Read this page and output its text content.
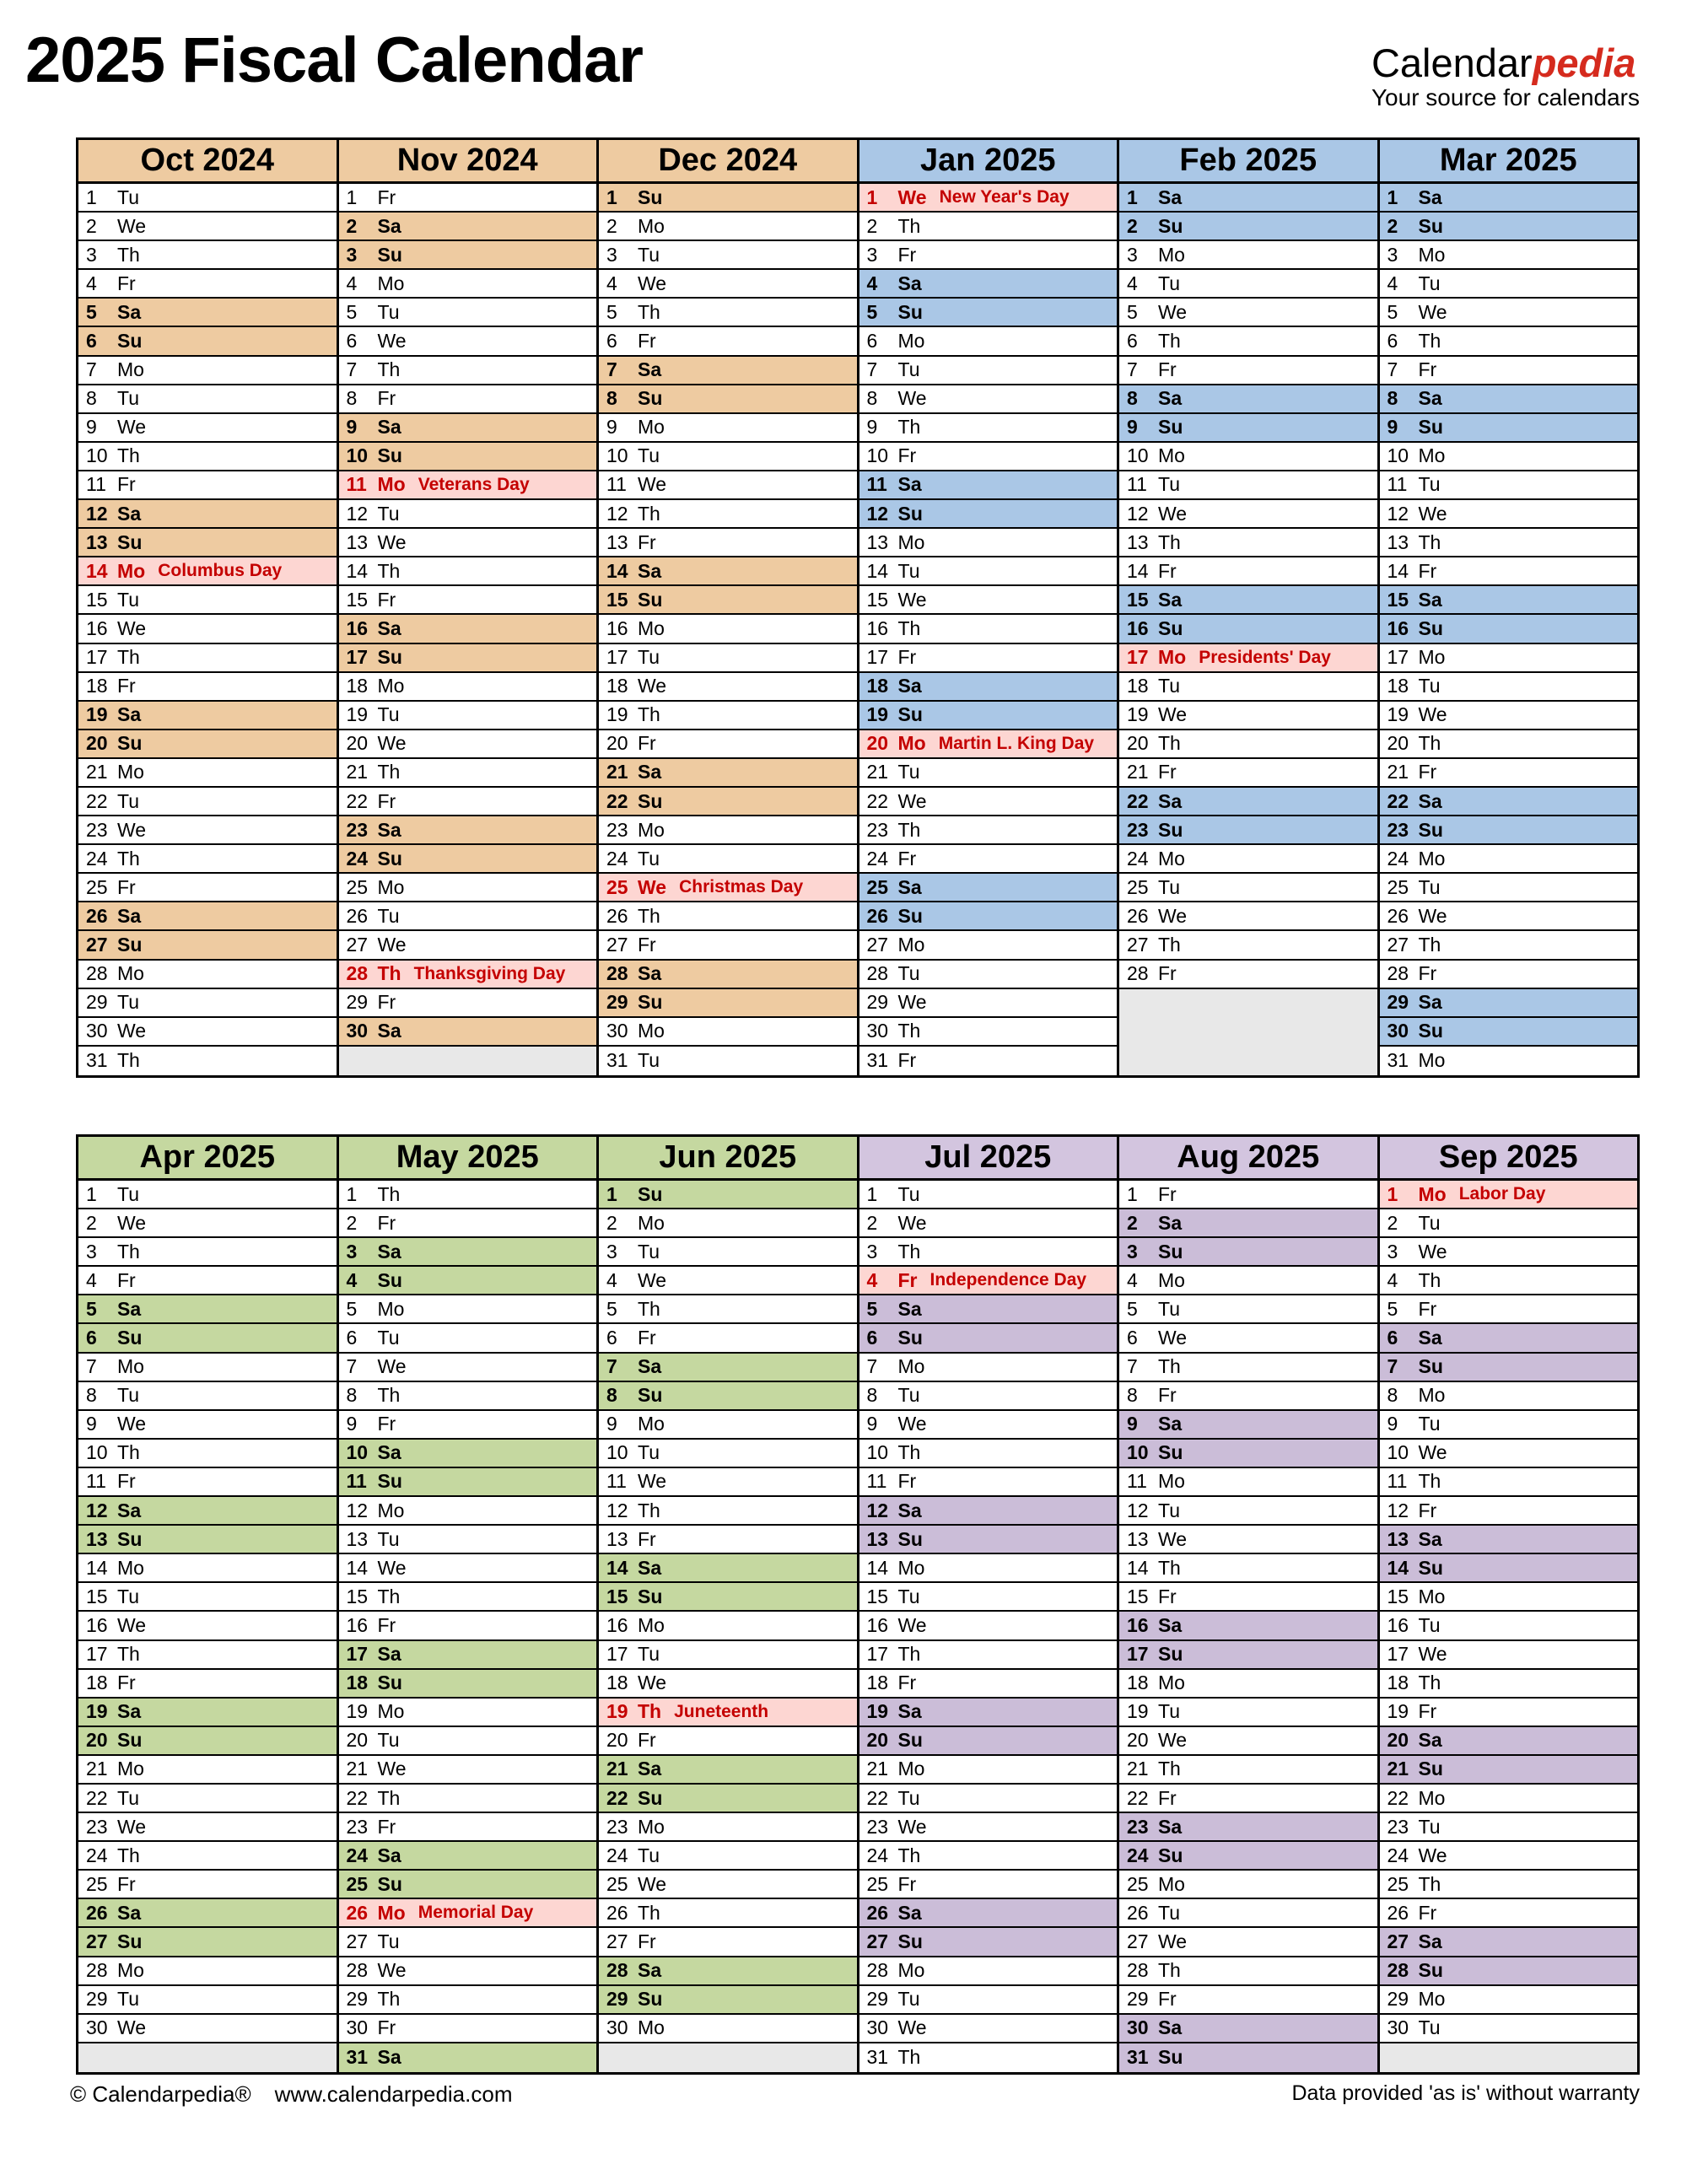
2025 Fiscal Calendar	Calendarpedia
Your source for calendars
Oct 2024
1	Tu
2	We
3	Th
4	Fr
5	Sa
6	Su
7	Mo
8	Tu
9	We
10 Th
11 Fr
12 Sa
13 Su
14 Mo Columbus Day
15 Tu
16 We
17 Th
18 Fr
19 Sa
20 Su
21 Mo
22 Tu
23 We
24 Th
25 Fr
26 Sa
27 Su
28 Mo
29 Tu
30 We
31 Th
Nov 2024
1	Fr
2	Sa
3	Su
4	Mo
5	Tu
6	We
7	Th
8	Fr
9	Sa
10 Su
11 Mo Veterans Day
12 Tu
13 We
14 Th
15 Fr
16 Sa
17 Su
18 Mo
19 Tu
20 We
21 Th
22 Fr
23 Sa
24 Su
25 Mo
26 Tu
27 We
28 Th Thanksgiving Day
29 Fr
30 Sa
Dec 2024
1	Su
2	Mo
3	Tu
4	We
5	Th
6	Fr
7	Sa
8	Su
9	Mo
10 Tu
11 We
12 Th
13 Fr
14 Sa
15 Su
16 Mo
17 Tu
18 We
19 Th
20 Fr
21 Sa
22 Su
23 Mo
24 Tu
25 We Christmas Day
26 Th
27 Fr
28 Sa
29 Su
30 Mo
31 Tu
Jan 2025
1	We New Year's Day
2	Th
3	Fr
4	Sa
5	Su
6	Mo
7	Tu
8	We
9	Th
10 Fr
11 Sa
12 Su
13 Mo
14 Tu
15 We
16 Th
17 Fr
18 Sa
19 Su
20 Mo Martin L. King Day
21 Tu
22 We
23 Th
24 Fr
25 Sa
26 Su
27 Mo
28 Tu
29 We
30 Th
31 Fr
Feb 2025
1	Sa
2	Su
3	Mo
4	Tu
5	We
6	Th
7	Fr
8	Sa
9	Su
10 Mo
11 Tu
12 We
13 Th
14 Fr
15 Sa
16 Su
17 Mo Presidents' Day
18 Tu
19 We
20 Th
21 Fr
22 Sa
23 Su
24 Mo
25 Tu
26 We
27 Th
28 Fr
Mar 2025
1	Sa
2	Su
3	Mo
4	Tu
5	We
6	Th
7	Fr
8	Sa
9	Su
10 Mo
11 Tu
12 We
13 Th
14 Fr
15 Sa
16 Su
17 Mo
18 Tu
19 We
20 Th
21 Fr
22 Sa
23 Su
24 Mo
25 Tu
26 We
27 Th
28 Fr
29 Sa
30 Su
31 Mo
Apr 2025
1	Tu
2	We
3	Th
4	Fr
5	Sa
6	Su
7	Mo
8	Tu
9	We
10 Th
11 Fr
12 Sa
13 Su
14 Mo
15 Tu
16 We
17 Th
18 Fr
19 Sa
20 Su
21 Mo
22 Tu
23 We
24 Th
25 Fr
26 Sa
27 Su
28 Mo
29 Tu
30 We
May 2025
1	Th
2	Fr
3	Sa
4	Su
5	Mo
6	Tu
7	We
8	Th
9	Fr
10 Sa
11 Su
12 Mo
13 Tu
14 We
15 Th
16 Fr
17 Sa
18 Su
19 Mo
20 Tu
21 We
22 Th
23 Fr
24 Sa
25 Su
26 Mo Memorial Day
27 Tu
28 We
29 Th
30 Fr
31 Sa
Jun 2025
1	Su
2	Mo
3	Tu
4	We
5	Th
6	Fr
7	Sa
8	Su
9	Mo
10 Tu
11 We
12 Th
13 Fr
14 Sa
15 Su
16 Mo
17 Tu
18 We
19 Th Juneteenth
20 Fr
21 Sa
22 Su
23 Mo
24 Tu
25 We
26 Th
27 Fr
28 Sa
29 Su
30 Mo
Jul 2025
1	Tu
2	We
3	Th
4	Fr Independence Day
5	Sa
6	Su
7	Mo
8	Tu
9	We
10 Th
11 Fr
12 Sa
13 Su
14 Mo
15 Tu
16 We
17 Th
18 Fr
19 Sa
20 Su
21 Mo
22 Tu
23 We
24 Th
25 Fr
26 Sa
27 Su
28 Mo
29 Tu
30 We
31 Th
Aug 2025
1	Fr
2	Sa
3	Su
4	Mo
5	Tu
6	We
7	Th
8	Fr
9	Sa
10 Su
11 Mo
12 Tu
13 We
14 Th
15 Fr
16 Sa
17 Su
18 Mo
19 Tu
20 We
21 Th
22 Fr
23 Sa
24 Su
25 Mo
26 Tu
27 We
28 Th
29 Fr
30 Sa
31 Su
Sep 2025
1	Mo Labor Day
2	Tu
3	We
4	Th
5	Fr
6	Sa
7	Su
8	Mo
9	Tu
10 We
11 Th
12 Fr
13 Sa
14 Su
15 Mo
16 Tu
17 We
18 Th
19 Fr
20 Sa
21 Su
22 Mo
23 Tu
24 We
25 Th
26 Fr
27 Sa
28 Su
29 Mo
30 Tu
© Calendarpedia® www.calendarpedia.com	Data provided 'as is' without warranty
